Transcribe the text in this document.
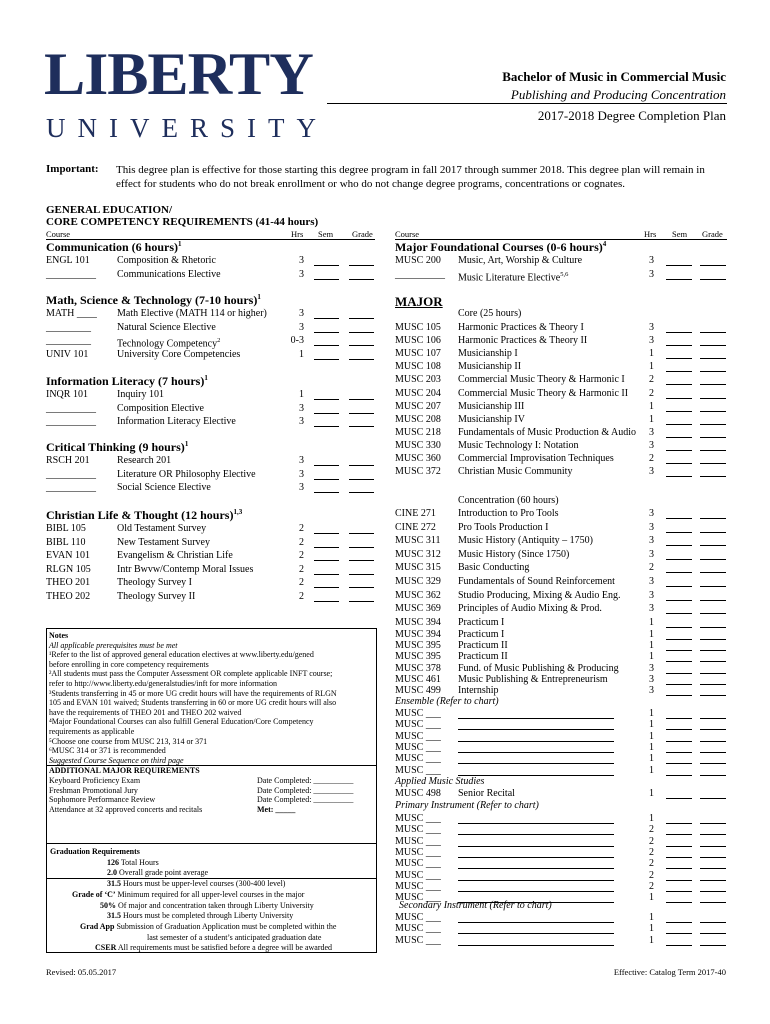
LIBERTY
UNIVERSITY
Bachelor of Music in Commercial Music
Publishing and Producing Concentration
2017-2018 Degree Completion Plan
Important: This degree plan is effective for those starting this degree program in fall 2017 through summer 2018. This degree plan will remain in effect for students who do not break enrollment or who do not change degree programs, concentrations or cognates.
GENERAL EDUCATION/
CORE COMPETENCY REQUIREMENTS (41-44 hours)
Course	Hrs Sem Grade	Course	Hrs Sem Grade
Communication (6 hours)$^1$
ENGL 101	Composition & Rhetoric	3
__________ Communications Elective	3
Math, Science & Technology (7-10 hours)$^1$
MATH ____ Math Elective (MATH 114 or higher)	3
_________	Natural Science Elective	3
_________	Technology Competency$^2$	0-3
UNIV 101	University Core Competencies	1
Information Literacy (7 hours)$^1$
INQR 101	Inquiry 101	1
__________ Composition Elective	3
__________ Information Literacy Elective	3
Critical Thinking (9 hours)$^1$
RSCH 201	Research 201	3
__________ Literature OR Philosophy Elective	3
__________ Social Science Elective	3
Christian Life & Thought (12 hours)$^{1,3}$
BIBL 105	Old Testament Survey	2
BIBL 110	New Testament Survey	2
EVAN 101	Evangelism & Christian Life	2
RLGN 105	Intr Bwvw/Contemp Moral Issues	2
THEO 201	Theology Survey I	2
THEO 202	Theology Survey II	2
Major Foundational Courses (0-6 hours)$^4$
MUSC 200 Music, Art, Worship & Culture	3
__________ Music Literature Elective$^{5,6}$	3
MAJOR
Core (25 hours)
MUSC 105 Harmonic Practices & Theory I	3
MUSC 106 Harmonic Practices & Theory II	3
MUSC 107 Musicianship I	1
MUSC 108 Musicianship II	1
MUSC 203 Commercial Music Theory & Harmonic I	2
MUSC 204 Commercial Music Theory & Harmonic II	2
MUSC 207 Musicianship III	1
MUSC 208 Musicianship IV	1
MUSC 218 Fundamentals of Music Production & Audio	3
MUSC 330 Music Technology I: Notation	3
MUSC 360 Commercial Improvisation Techniques	2
MUSC 372 Christian Music Community	3
Concentration (60 hours)
CINE 271 Introduction to Pro Tools	3
CINE 272 Pro Tools Production I	3
MUSC 311 Music History (Antiquity – 1750)	3
MUSC 312 Music History (Since 1750)	3
MUSC 315 Basic Conducting	2
MUSC 329 Fundamentals of Sound Reinforcement	3
MUSC 362 Studio Producing, Mixing & Audio Eng.	3
MUSC 369 Principles of Audio Mixing & Prod.	3
MUSC 394 Practicum I	1
MUSC 394 Practicum I	1
MUSC 395 Practicum II	1
MUSC 395 Practicum II	1
MUSC 378 Fund. of Music Publishing & Producing	3
MUSC 461 Music Publishing & Entrepreneurism	3
MUSC 499 Internship	3
Ensemble (Refer to chart)
MUSC ___	1
MUSC ___	1
MUSC ___	1
MUSC ___	1
MUSC ___	1
MUSC ___	1
Applied Music Studies
MUSC 498 Senior Recital	1
Primary Instrument (Refer to chart)
MUSC ___	1
MUSC ___	2
MUSC ___	2
MUSC ___	2
MUSC ___	2
MUSC ___	2
MUSC ___	2
MUSC ___	1
Secondary Instrument (Refer to chart)
MUSC ___	1
MUSC ___	1
MUSC ___	1
Notes
All applicable prerequisites must be met
¹Refer to the list of approved general education electives at www.liberty.edu/gened
before enrolling in core competency requirements
²All students must pass the Computer Assessment OR complete applicable INFT course;
refer to http://www.liberty.edu/generalstudies/inft for more information
³Students transferring in 45 or more UG credit hours will have the requirements of RLGN
105 and EVAN 101 waived; Students transferring in 60 or more UG credit hours will also
have the requirements of THEO 201 and THEO 202 waived
⁴Major Foundational Courses can also fulfill General Education/Core Competency
requirements as applicable
⁵Choose one course from MUSC 213, 314 or 371
⁶MUSC 314 or 371 is recommended
Suggested Course Sequence on third page
ADDITIONAL MAJOR REQUIREMENTS
Keyboard Proficiency Exam	Date Completed: __________
Freshman Promotional Jury	Date Completed: __________
Sophomore Performance Review	Date Completed: __________
Attendance at 32 approved concerts and recitals	Met: _____
Graduation Requirements
126 Total Hours
2.0 Overall grade point average
31.5 Hours must be upper-level courses (300-400 level)
Grade of ‘C’ Minimum required for all upper-level courses in the major
50% Of major and concentration taken through Liberty University
31.5 Hours must be completed through Liberty University
Grad App Submission of Graduation Application must be completed within the
last semester of a student’s anticipated graduation date
CSER All requirements must be satisfied before a degree will be awarded
Revised: 05.05.2017	Effective: Catalog Term 2017-40
